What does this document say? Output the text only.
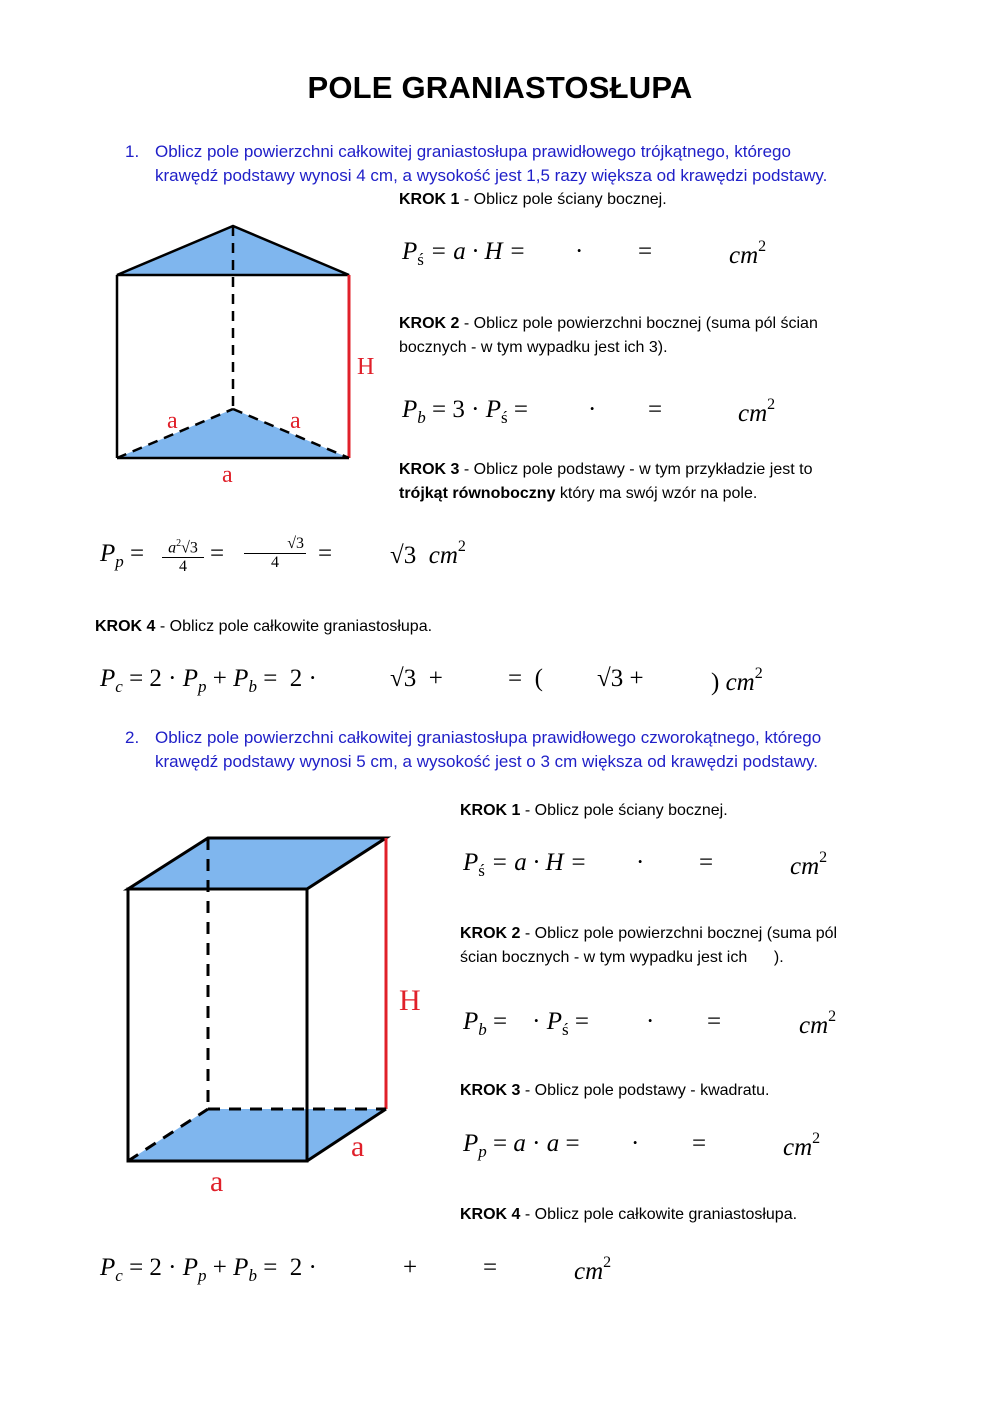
POLE GRANIASTOSŁUPA
1. Oblicz pole powierzchni całkowitej graniastosłupa prawidłowego trójkątnego, którego
krawędź podstawy wynosi 4 cm, a wysokość jest 1,5 razy większa od krawędzi podstawy.
a	a
a
H
KROK 1 - Oblicz pole ściany bocznej.
$P_ś = a \cdot H$ = · =	$cm^2$
KROK 2 - Oblicz pole powierzchni bocznej (suma pól ścian
bocznych - w tym wypadku jest ich 3).
$P_b = 3 \cdot P_ś$ = · =	$cm^2$
KROK 3 - Oblicz pole podstawy - w tym przykładzie jest to
trójkąt równoboczny który ma swój wzór na pole.
$P_p = \frac{a^2√3}{4} = \frac{√3}{4} = √3$  $cm^2$
KROK 4 - Oblicz pole całkowite graniastosłupa.
$P_c = 2 \cdot P_p + P_b = 2$ ·	√3  +	=  ( √3 +	) $cm^2$
2. Oblicz pole powierzchni całkowitej graniastosłupa prawidłowego czworokątnego, którego
krawędź podstawy wynosi 5 cm, a wysokość jest o 3 cm większa od krawędzi podstawy.
H
a
a
KROK 1 - Oblicz pole ściany bocznej.
$P_ś = a \cdot H$ = · =	$cm^2$
KROK 2 - Oblicz pole powierzchni bocznej (suma pól
ścian bocznych - w tym wypadku jest ich      ).
$P_b$ =    · $P_ś$ = · =	$cm^2$
KROK 3 - Oblicz pole podstawy - kwadratu.
$P_p = a \cdot a$ = · =	$cm^2$
KROK 4 - Oblicz pole całkowite graniastosłupa.
$P_c = 2 \cdot P_p + P_b = 2$ ·	+	=	$cm^2$
